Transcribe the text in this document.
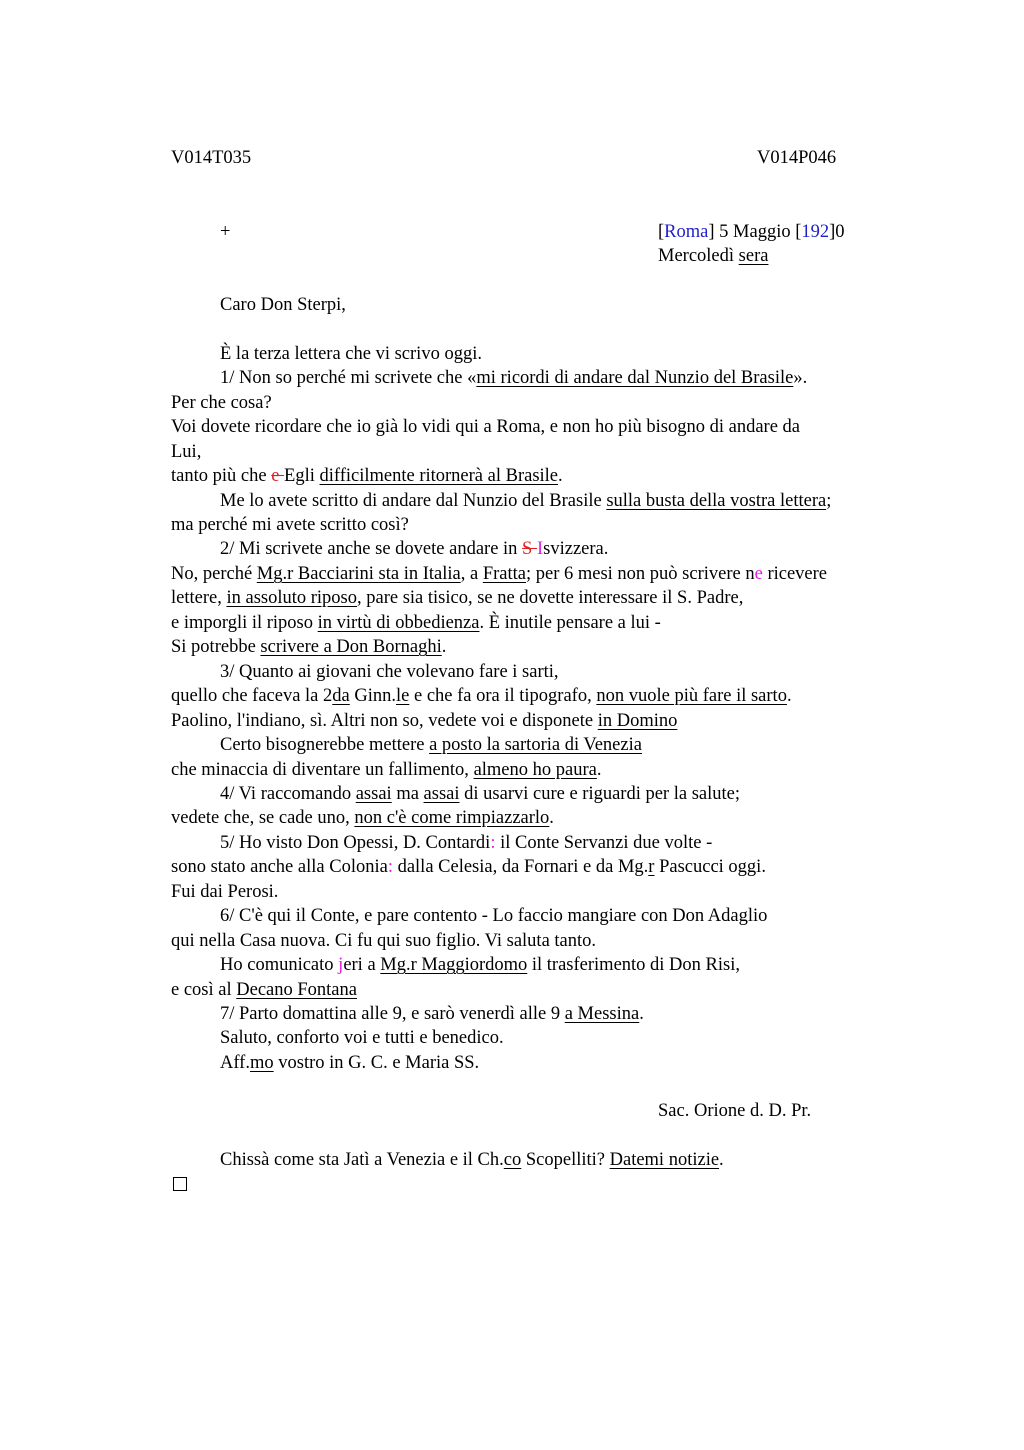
V014T035	V014P046
+	[Roma] 5 Maggio [192]0
Mercoledì sera
Caro Don Sterpi,
È la terza lettera che vi scrivo oggi.
1/ Non so perché mi scrivete che «mi ricordi di andare dal Nunzio del Brasile».
Per che cosa?
Voi dovete ricordare che io già lo vidi qui a Roma, e non ho più bisogno di andare da
Lui,
tanto più che e Egli difficilmente ritornerà al Brasile.
Me lo avete scritto di andare dal Nunzio del Brasile sulla busta della vostra lettera;
ma perché mi avete scritto così?
2/ Mi scrivete anche se dovete andare in S Isvizzera.
No, perché Mg.r Bacciarini sta in Italia, a Fratta; per 6 mesi non può scrivere ne ricevere
lettere, in assoluto riposo, pare sia tisico, se ne dovette interessare il S. Padre,
e imporgli il riposo in virtù di obbedienza. È inutile pensare a lui -
Si potrebbe scrivere a Don Bornaghi.
3/ Quanto ai giovani che volevano fare i sarti,
quello che faceva la 2da Ginn.le e che fa ora il tipografo, non vuole più fare il sarto.
Paolino, l'indiano, sì. Altri non so, vedete voi e disponete in Domino
Certo bisognerebbe mettere a posto la sartoria di Venezia
che minaccia di diventare un fallimento, almeno ho paura.
4/ Vi raccomando assai ma assai di usarvi cure e riguardi per la salute;
vedete che, se cade uno, non c'è come rimpiazzarlo.
5/ Ho visto Don Opessi, D. Contardi: il Conte Servanzi due volte -
sono stato anche alla Colonia: dalla Celesia, da Fornari e da Mg.r Pascucci oggi.
Fui dai Perosi.
6/ C'è qui il Conte, e pare contento - Lo faccio mangiare con Don Adaglio
qui nella Casa nuova. Ci fu qui suo figlio. Vi saluta tanto.
Ho comunicato jeri a Mg.r Maggiordomo il trasferimento di Don Risi,
e così al Decano Fontana
7/ Parto domattina alle 9, e sarò venerdì alle 9 a Messina.
Saluto, conforto voi e tutti e benedico.
Aff.mo vostro in G. C. e Maria SS.
Sac. Orione d. D. Pr.
Chissà come sta Jatì a Venezia e il Ch.co Scopelliti? Datemi notizie.
